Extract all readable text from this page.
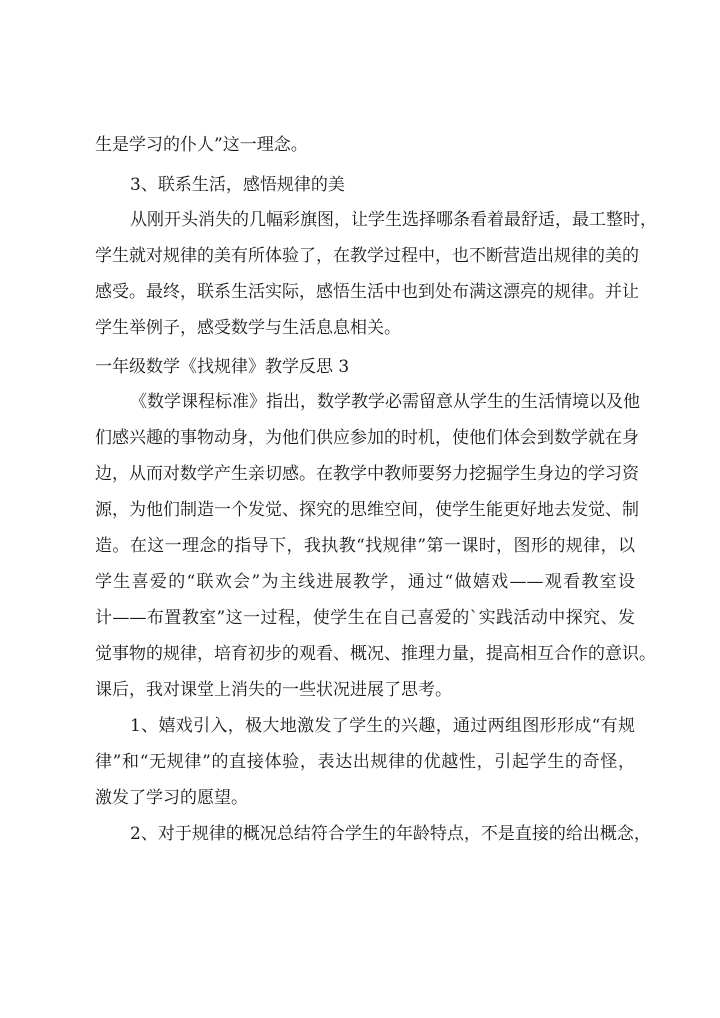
生是学习的仆人”这一理念。
3、联系生活，感悟规律的美
从刚开头消失的几幅彩旗图，让学生选择哪条看着最舒适，最工整时，
学生就对规律的美有所体验了，在教学过程中，也不断营造出规律的美的
感受。最终，联系生活实际，感悟生活中也到处布满这漂亮的规律。并让
学生举例子，感受数学与生活息息相关。
一年级数学《找规律》教学反思 3
《数学课程标准》指出，数学教学必需留意从学生的生活情境以及他
们感兴趣的事物动身，为他们供应参加的时机，使他们体会到数学就在身
边，从而对数学产生亲切感。在教学中教师要努力挖掘学生身边的学习资
源，为他们制造一个发觉、探究的思维空间，使学生能更好地去发觉、制
造。在这一理念的指导下，我执教“找规律”第一课时，图形的规律，以
学生喜爱的“联欢会”为主线进展教学，通过“做嬉戏——观看教室设
计——布置教室”这一过程，使学生在自己喜爱的`实践活动中探究、发
觉事物的规律，培育初步的观看、概况、推理力量，提高相互合作的意识。
课后，我对课堂上消失的一些状况进展了思考。
1、嬉戏引入，极大地激发了学生的兴趣，通过两组图形形成“有规
律”和“无规律”的直接体验，表达出规律的优越性，引起学生的奇怪，
激发了学习的愿望。
2、对于规律的概况总结符合学生的年龄特点，不是直接的给出概念，
